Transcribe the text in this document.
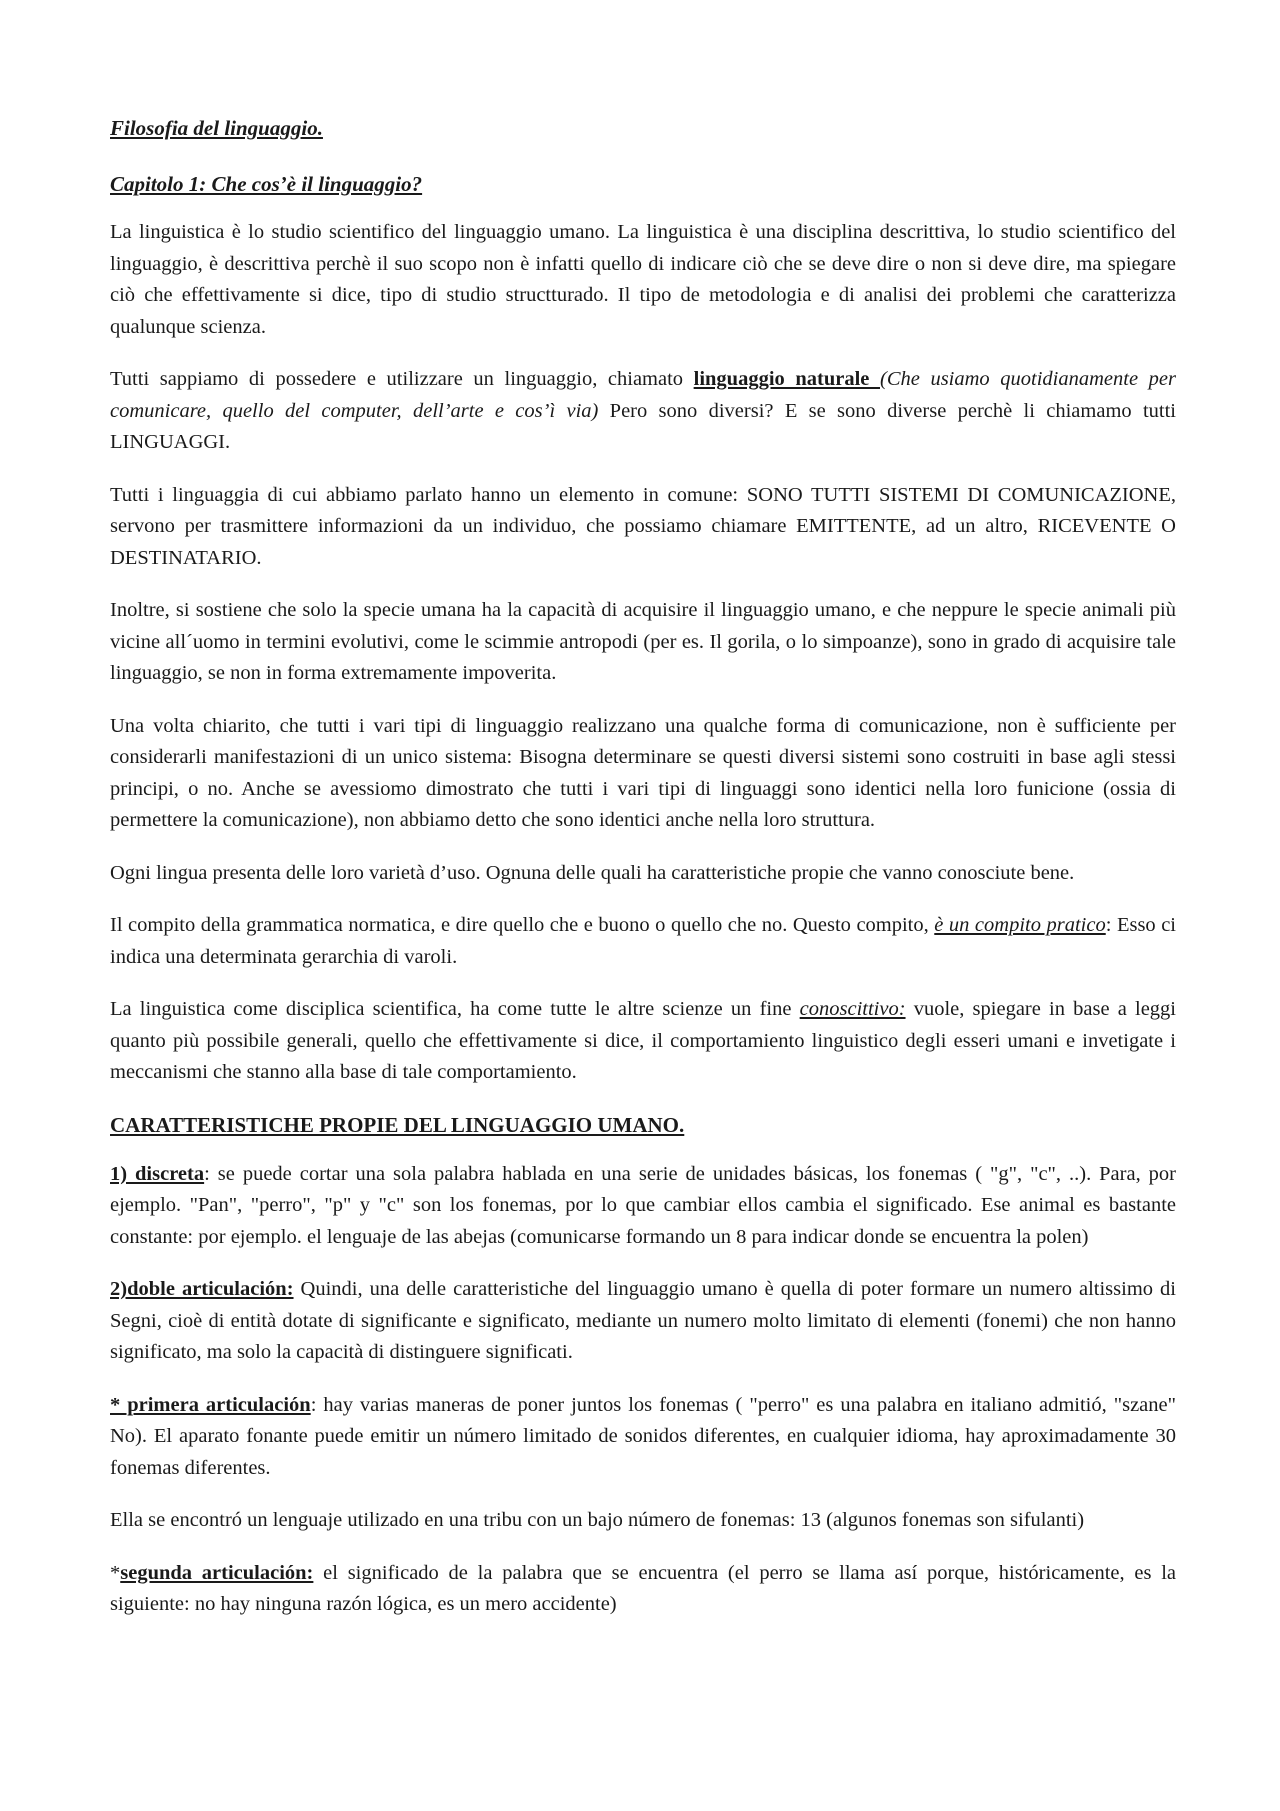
Filosofia del linguaggio.
Capitolo 1: Che cos’è il linguaggio?

La linguistica è lo studio scientifico del linguaggio umano. La linguistica è una disciplina descrittiva, lo studio scientifico del linguaggio, è descrittiva perchè il suo scopo non è infatti quello di indicare ciò che se deve dire o non si deve dire, ma spiegare ciò che effettivamente si dice, tipo di studio structturado. Il tipo de metodologia e di analisi dei problemi che caratterizza qualunque scienza.

Tutti sappiamo di possedere e utilizzare un linguaggio, chiamato linguaggio naturale (Che usiamo quotidianamente per comunicare, quello del computer, dell’arte e cos’ì via) Pero sono diversi? E se sono diverse perchè li chiamamo tutti LINGUAGGI.

Tutti i linguaggia di cui abbiamo parlato hanno un elemento in comune: SONO TUTTI SISTEMI DI COMUNICAZIONE, servono per trasmittere informazioni da un individuo, che possiamo chiamare EMITTENTE, ad un altro, RICEVENTE O DESTINATARIO.

Inoltre, si sostiene che solo la specie umana ha la capacità di acquisire il linguaggio umano, e che neppure le specie animali più vicine all´uomo in termini evolutivi, come le scimmie antropodi (per es. Il gorila, o lo simpoanze), sono in grado di acquisire tale linguaggio, se non in forma extremamente impoverita.

Una volta chiarito, che tutti i vari tipi di linguaggio realizzano una qualche forma di comunicazione, non è sufficiente per considerarli manifestazioni di un unico sistema: Bisogna determinare se questi diversi sistemi sono costruiti in base agli stessi principi, o no. Anche se avessiomo dimostrato che tutti i vari tipi di linguaggi sono identici nella loro funicione (ossia di permettere la comunicazione), non abbiamo detto che sono identici anche nella loro struttura.

Ogni lingua presenta delle loro varietà d’uso. Ognuna delle quali ha caratteristiche propie che vanno conosciute bene.

Il compito della grammatica normatica, e dire quello che e buono o quello che no. Questo compito, è un compito pratico: Esso ci indica una determinata gerarchia di varoli.

La linguistica come disciplica scientifica, ha come tutte le altre scienze un fine conoscittivo: vuole, spiegare in base a leggi quanto più possibile generali, quello che effettivamente si dice, il comportamiento linguistico degli esseri umani e invetigate i meccanismi che stanno alla base di tale comportamiento.

CARATTERISTICHE PROPIE DEL LINGUAGGIO UMANO.

1) discreta: se puede cortar una sola palabra hablada en una serie de unidades básicas, los fonemas ( "g", "c", ..). Para, por ejemplo. "Pan", "perro", "p" y "c" son los fonemas, por lo que cambiar ellos cambia el significado. Ese animal es bastante constante: por ejemplo. el lenguaje de las abejas (comunicarse formando un 8 para indicar donde se encuentra la polen)

2)doble articulación: Quindi, una delle caratteristiche del linguaggio umano è quella di poter formare un numero altissimo di Segni, cioè di entità dotate di significante e significato, mediante un numero molto limitato di elementi (fonemi) che non hanno significato, ma solo la capacità di distinguere significati.

* primera articulación: hay varias maneras de poner juntos los fonemas ( "perro" es una palabra en italiano admitió, "szane" No). El aparato fonante puede emitir un número limitado de sonidos diferentes, en cualquier idioma, hay aproximadamente 30 fonemas diferentes.

Ella se encontró un lenguaje utilizado en una tribu con un bajo número de fonemas: 13 (algunos fonemas son sifulanti)

*segunda articulación: el significado de la palabra que se encuentra (el perro se llama así porque, históricamente, es la siguiente: no hay ninguna razón lógica, es un mero accidente)
